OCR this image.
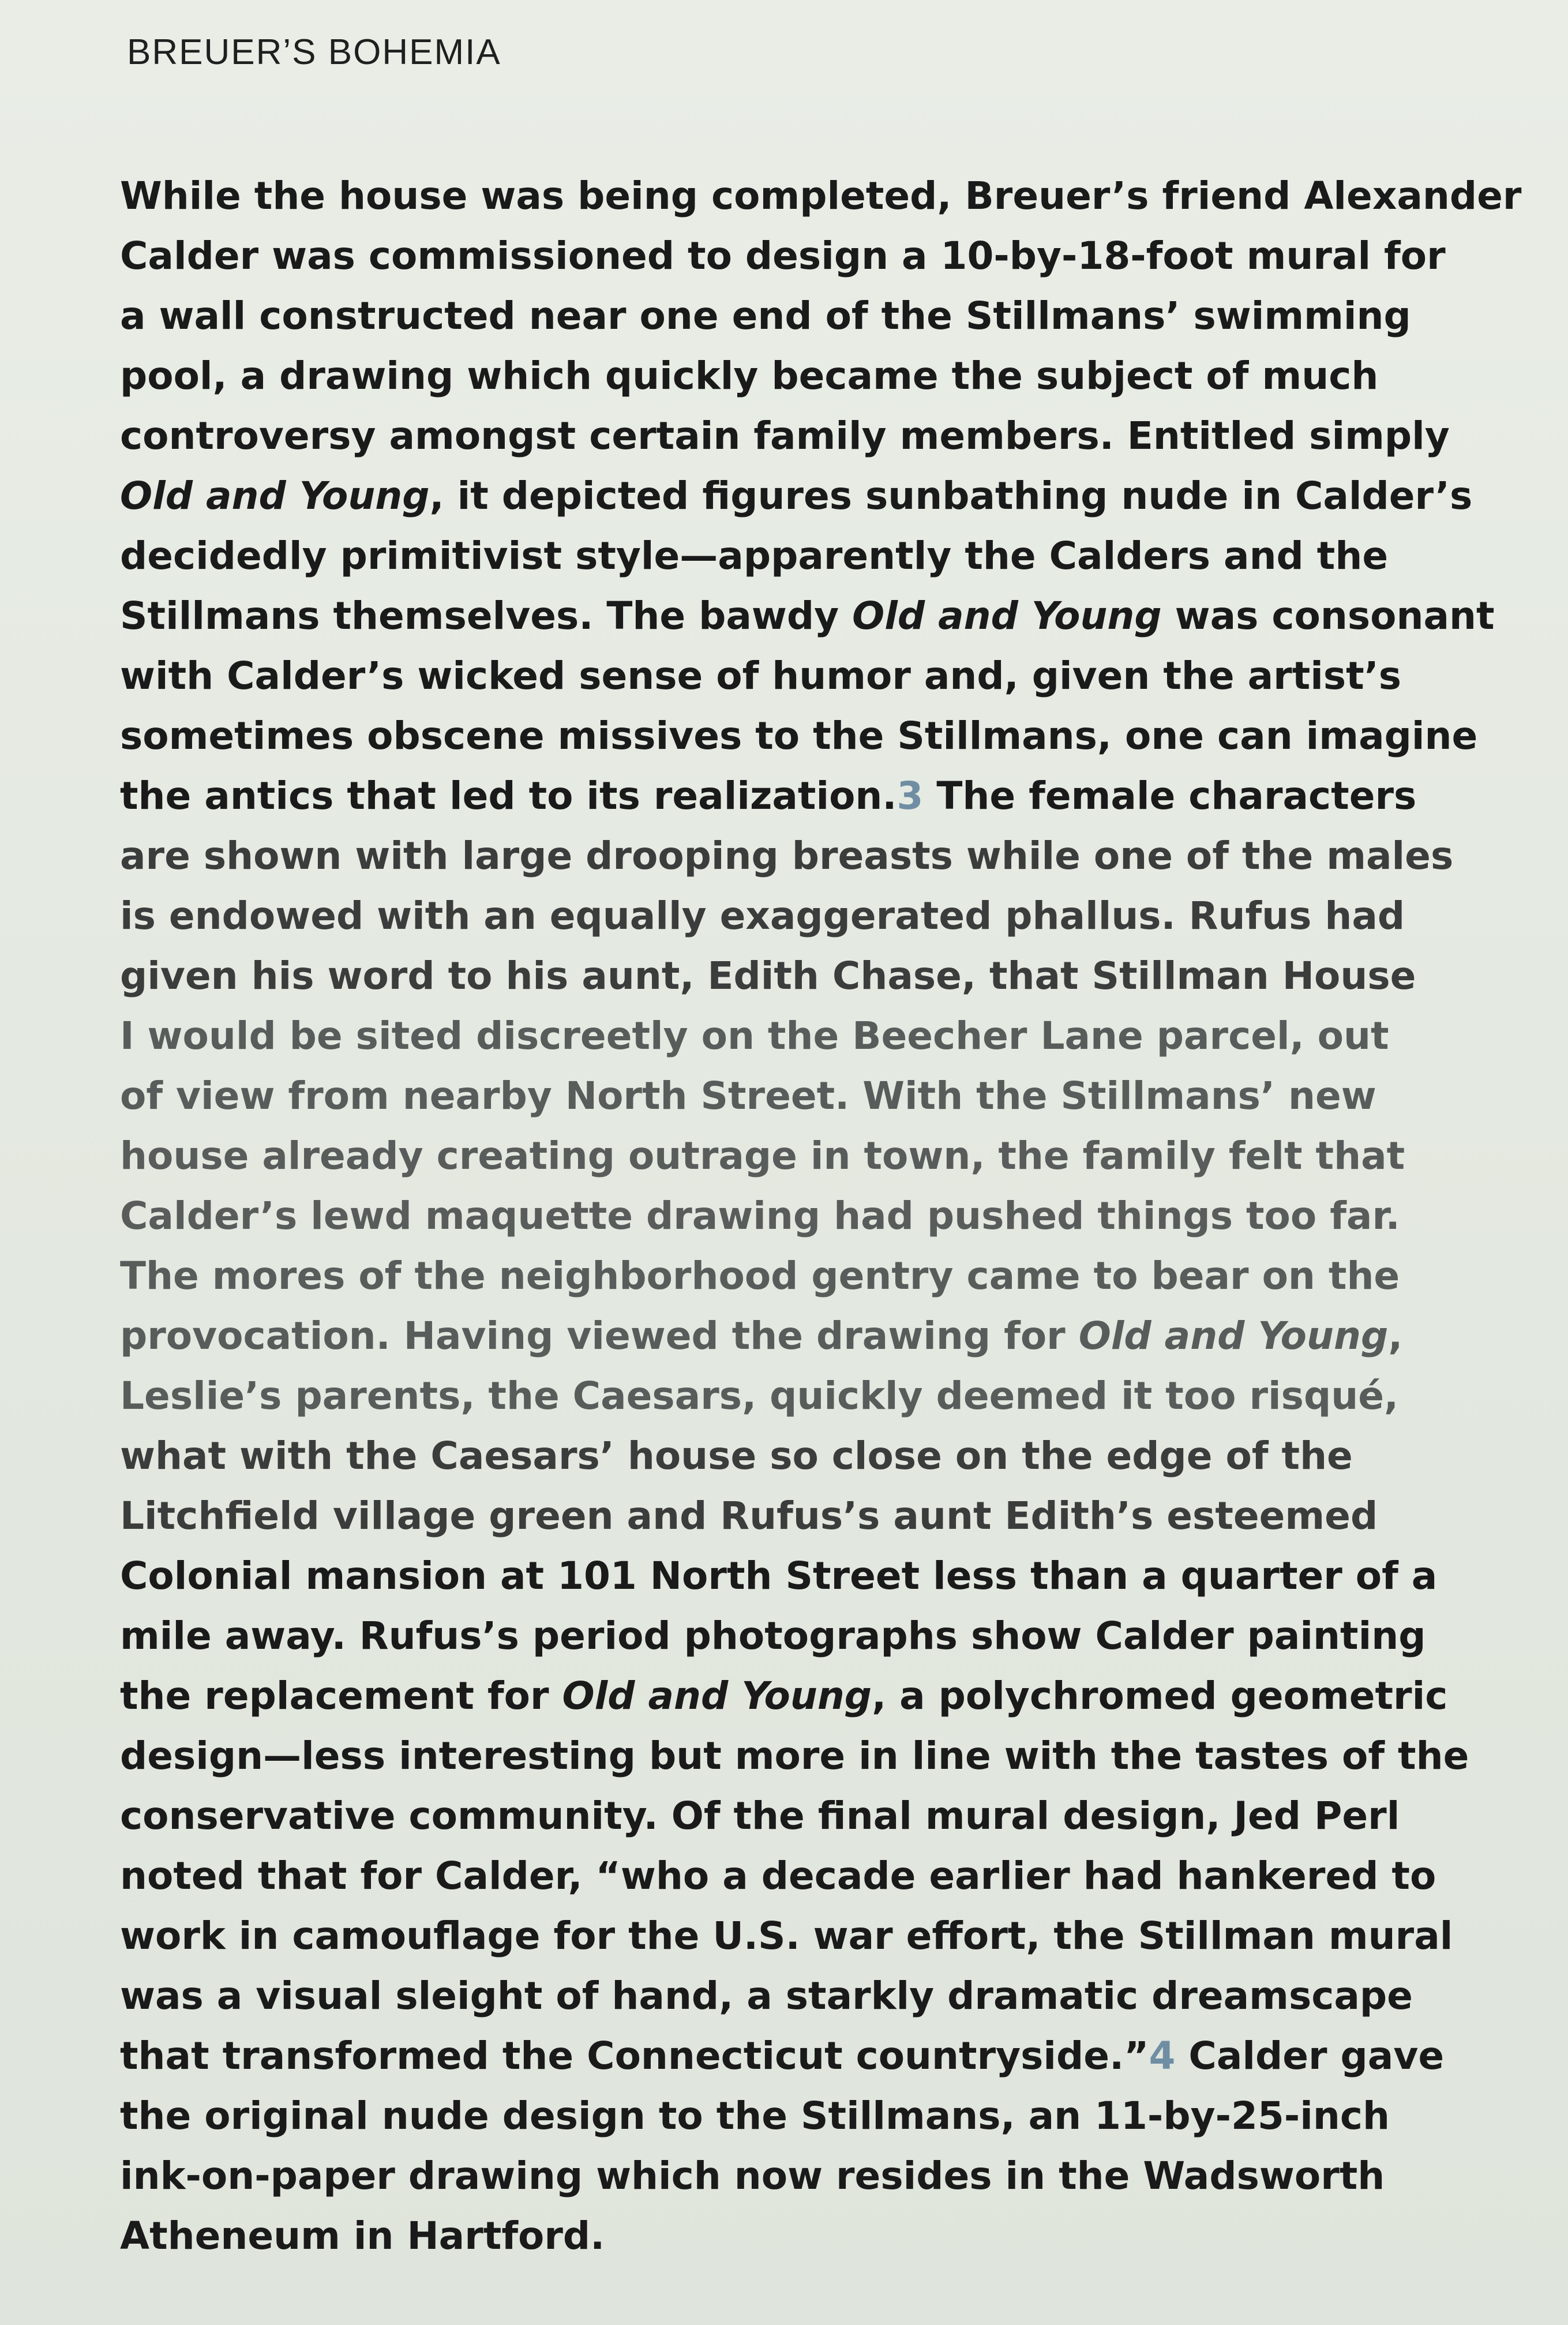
BREUER’S BOHEMIA

While the house was being completed, Breuer’s friend Alexander
Calder was commissioned to design a 10-by-18-foot mural for
a wall constructed near one end of the Stillmans’ swimming
pool, a drawing which quickly became the subject of much
controversy amongst certain family members. Entitled simply
Old and Young, it depicted figures sunbathing nude in Calder’s
decidedly primitivist style—apparently the Calders and the
Stillmans themselves. The bawdy Old and Young was consonant
with Calder’s wicked sense of humor and, given the artist’s
sometimes obscene missives to the Stillmans, one can imagine
the antics that led to its realization.3 The female characters
are shown with large drooping breasts while one of the males
is endowed with an equally exaggerated phallus. Rufus had
given his word to his aunt, Edith Chase, that Stillman House
I would be sited discreetly on the Beecher Lane parcel, out
of view from nearby North Street. With the Stillmans’ new
house already creating outrage in town, the family felt that
Calder’s lewd maquette drawing had pushed things too far.
The mores of the neighborhood gentry came to bear on the
provocation. Having viewed the drawing for Old and Young,
Leslie’s parents, the Caesars, quickly deemed it too risqué,
what with the Caesars’ house so close on the edge of the
Litchfield village green and Rufus’s aunt Edith’s esteemed
Colonial mansion at 101 North Street less than a quarter of a
mile away. Rufus’s period photographs show Calder painting
the replacement for Old and Young, a polychromed geometric
design—less interesting but more in line with the tastes of the
conservative community. Of the final mural design, Jed Perl
noted that for Calder, “who a decade earlier had hankered to
work in camouflage for the U.S. war effort, the Stillman mural
was a visual sleight of hand, a starkly dramatic dreamscape
that transformed the Connecticut countryside.”4 Calder gave
the original nude design to the Stillmans, an 11-by-25-inch
ink-on-paper drawing which now resides in the Wadsworth
Atheneum in Hartford.
